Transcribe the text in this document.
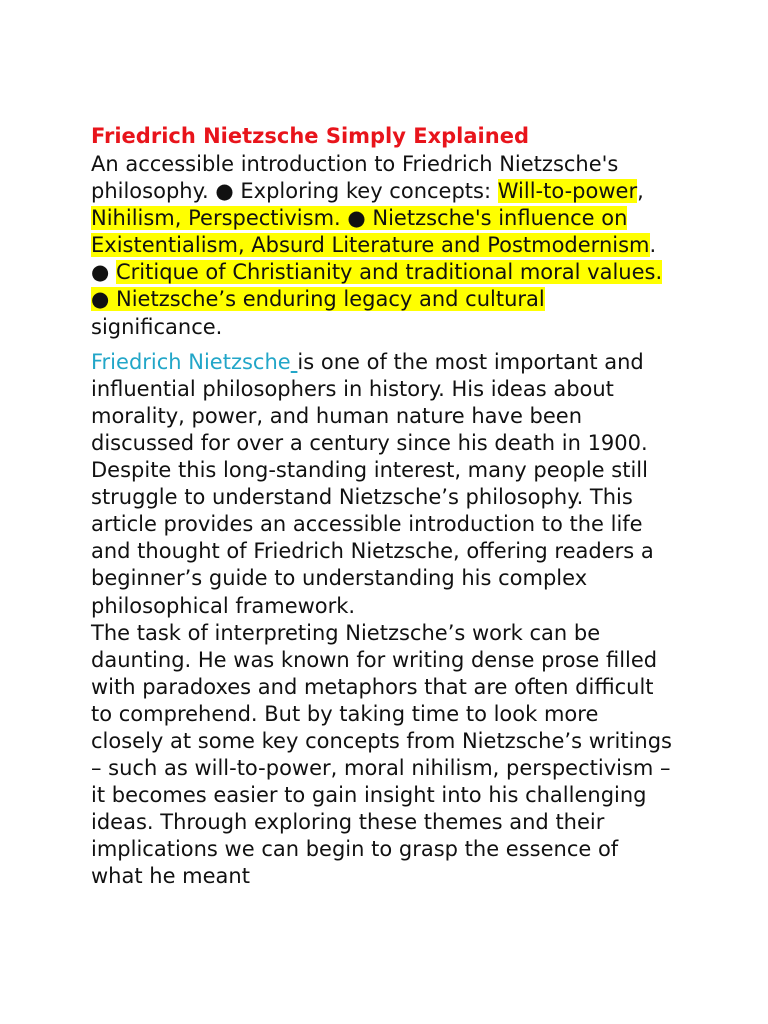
Friedrich Nietzsche Simply Explained

An accessible introduction to Friedrich Nietzsche's philosophy. ● Exploring key concepts: Will-to-power, Nihilism, Perspectivism. ● Nietzsche's influence on Existentialism, Absurd Literature and Postmodernism. ● Critique of Christianity and traditional moral values. ● Nietzsche’s enduring legacy and cultural significance.

Friedrich Nietzsche is one of the most important and influential philosophers in history. His ideas about morality, power, and human nature have been discussed for over a century since his death in 1900. Despite this long-standing interest, many people still struggle to understand Nietzsche’s philosophy. This article provides an accessible introduction to the life and thought of Friedrich Nietzsche, offering readers a beginner’s guide to understanding his complex philosophical framework.

The task of interpreting Nietzsche’s work can be daunting. He was known for writing dense prose filled with paradoxes and metaphors that are often difficult to comprehend. But by taking time to look more closely at some key concepts from Nietzsche’s writings – such as will-to-power, moral nihilism, perspectivism – it becomes easier to gain insight into his challenging ideas. Through exploring these themes and their implications we can begin to grasp the essence of what he meant
